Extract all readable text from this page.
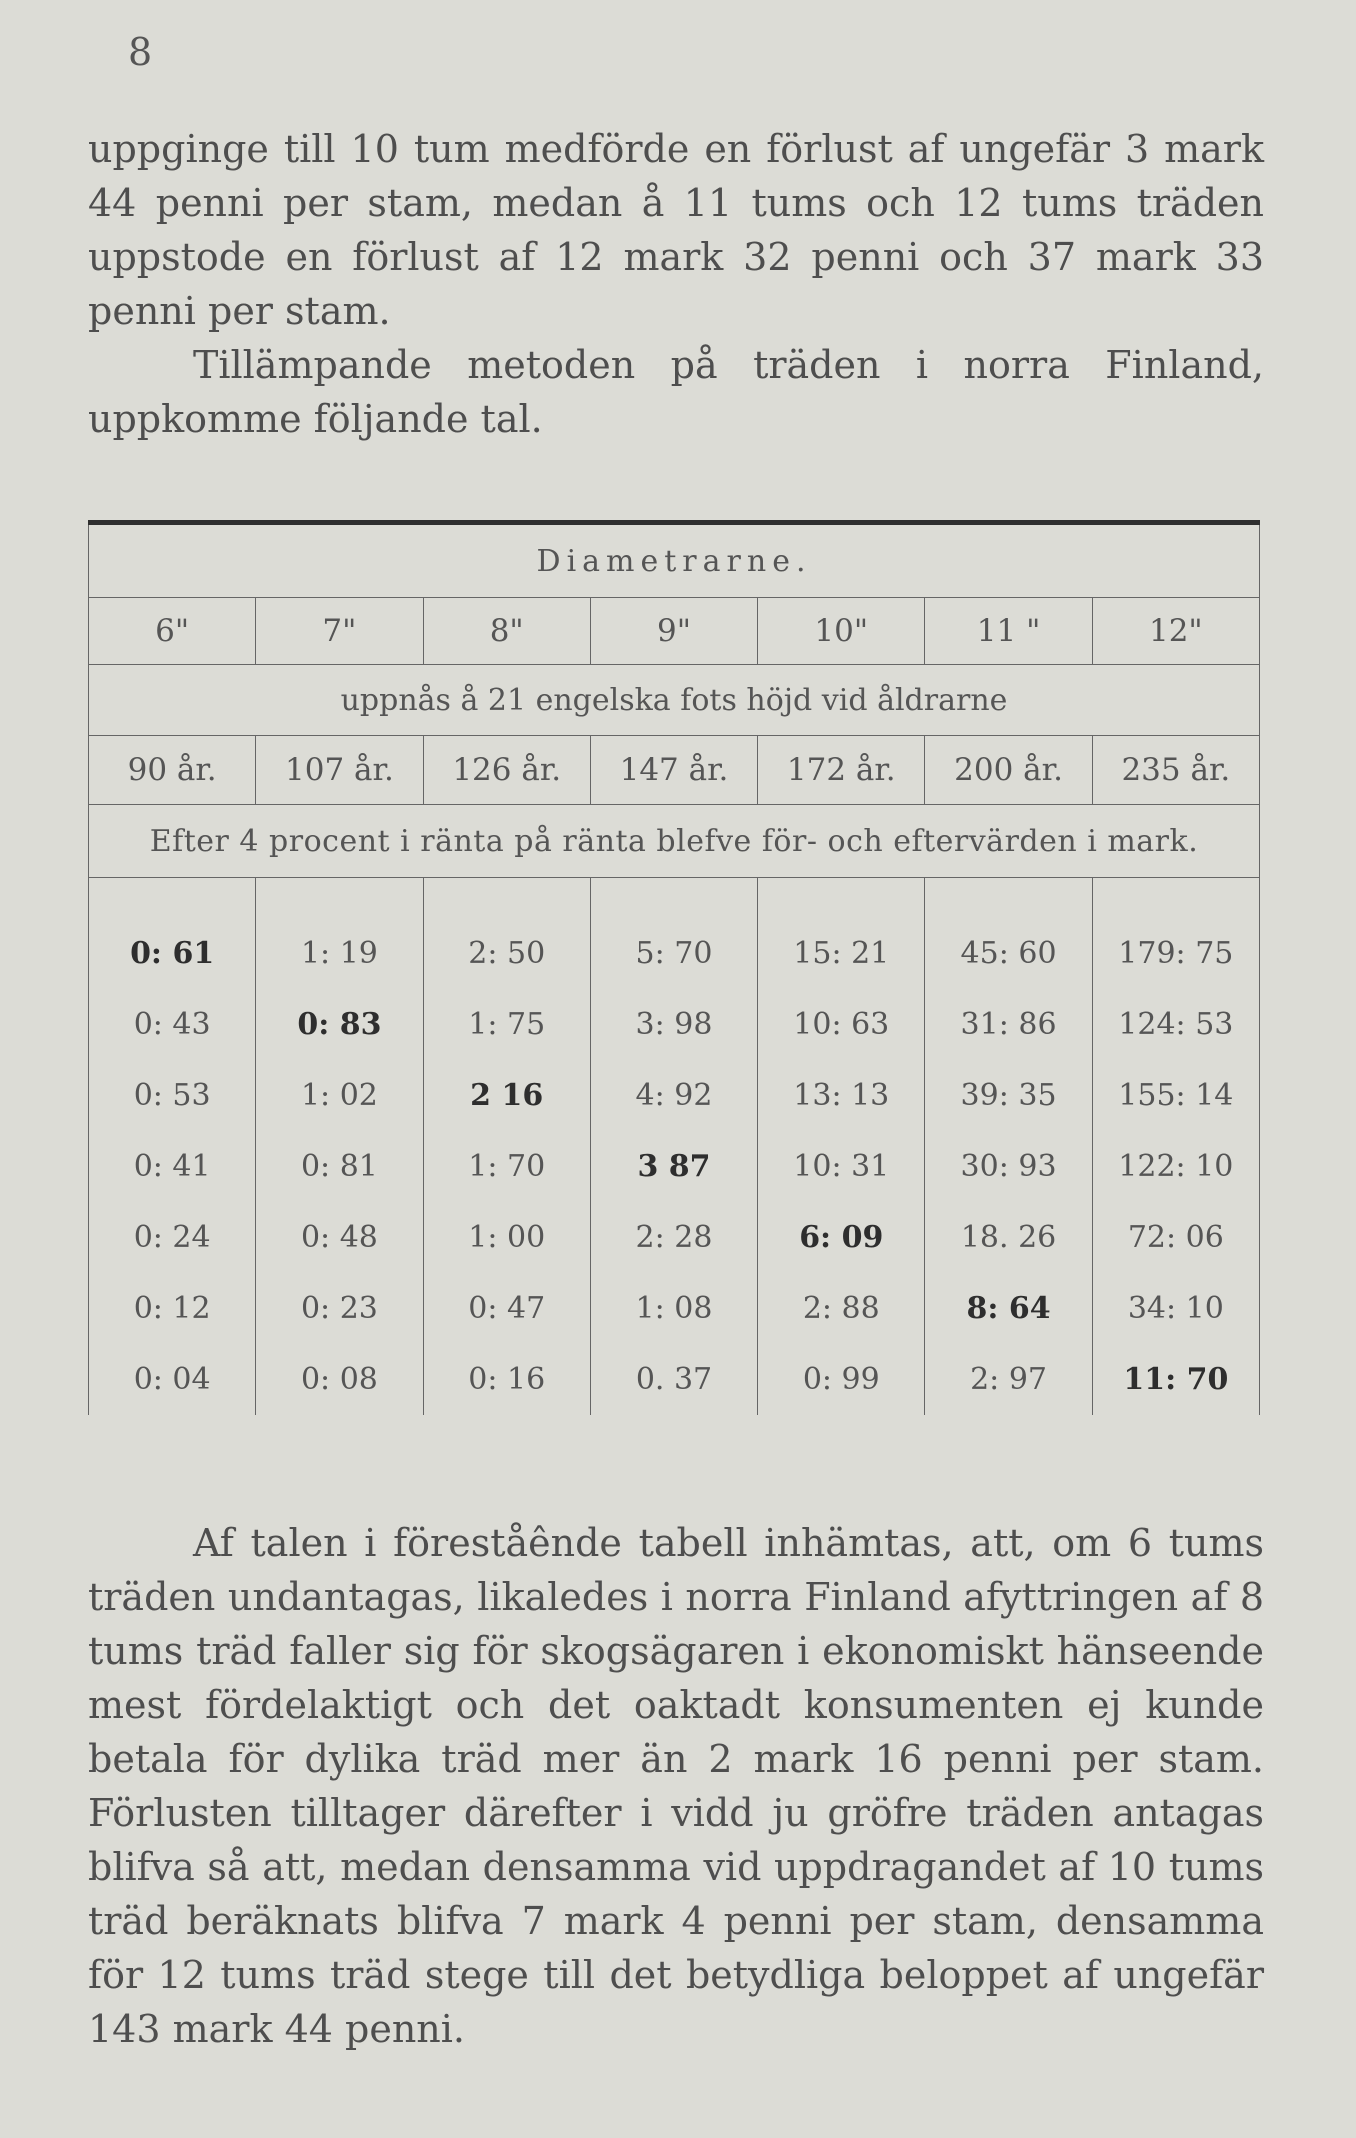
8
uppginge till 10 tum medförde en förlust af ungefär 3 mark 44 penni per stam, medan å 11 tums och 12 tums träden uppstode en förlust af 12 mark 32 penni och 37 mark 33 penni per stam.
Tillämpande metoden på träden i norra Finland, uppkomme följande tal.
Diametrarne.						
6"	7"	8"	9"	10"	11 "	12"
uppnås å 21 engelska fots höjd vid åldrarne						
90 år.	107 år.	126 år.	147 år.	172 år.	200 år.	235 år.
Efter 4 procent i ränta på ränta blefve för- och eftervärden i mark.						

0: 61	1: 19	2: 50	5: 70	15: 21	45: 60	179: 75
0: 43	0: 83	1: 75	3: 98	10: 63	31: 86	124: 53
0: 53	1: 02	2 16	4: 92	13: 13	39: 35	155: 14
0: 41	0: 81	1: 70	3 87	10: 31	30: 93	122: 10
0: 24	0: 48	1: 00	2: 28	6: 09	18. 26	72: 06
0: 12	0: 23	0: 47	1: 08	2: 88	8: 64	34: 10
0: 04	0: 08	0: 16	0. 37	0: 99	2: 97	11: 70

Af talen i föreståênde tabell inhämtas, att, om 6 tums träden undantagas, likaledes i norra Finland afyttringen af 8 tums träd faller sig för skogsägaren i ekonomiskt hänseende mest fördelaktigt och det oaktadt konsumenten ej kunde betala för dylika träd mer än 2 mark 16 penni per stam. Förlusten tilltager därefter i vidd ju gröfre träden antagas blifva så att, medan densamma vid uppdragandet af 10 tums träd beräknats blifva 7 mark 4 penni per stam, densamma för 12 tums träd stege till det betydliga beloppet af ungefär 143 mark 44 penni.
